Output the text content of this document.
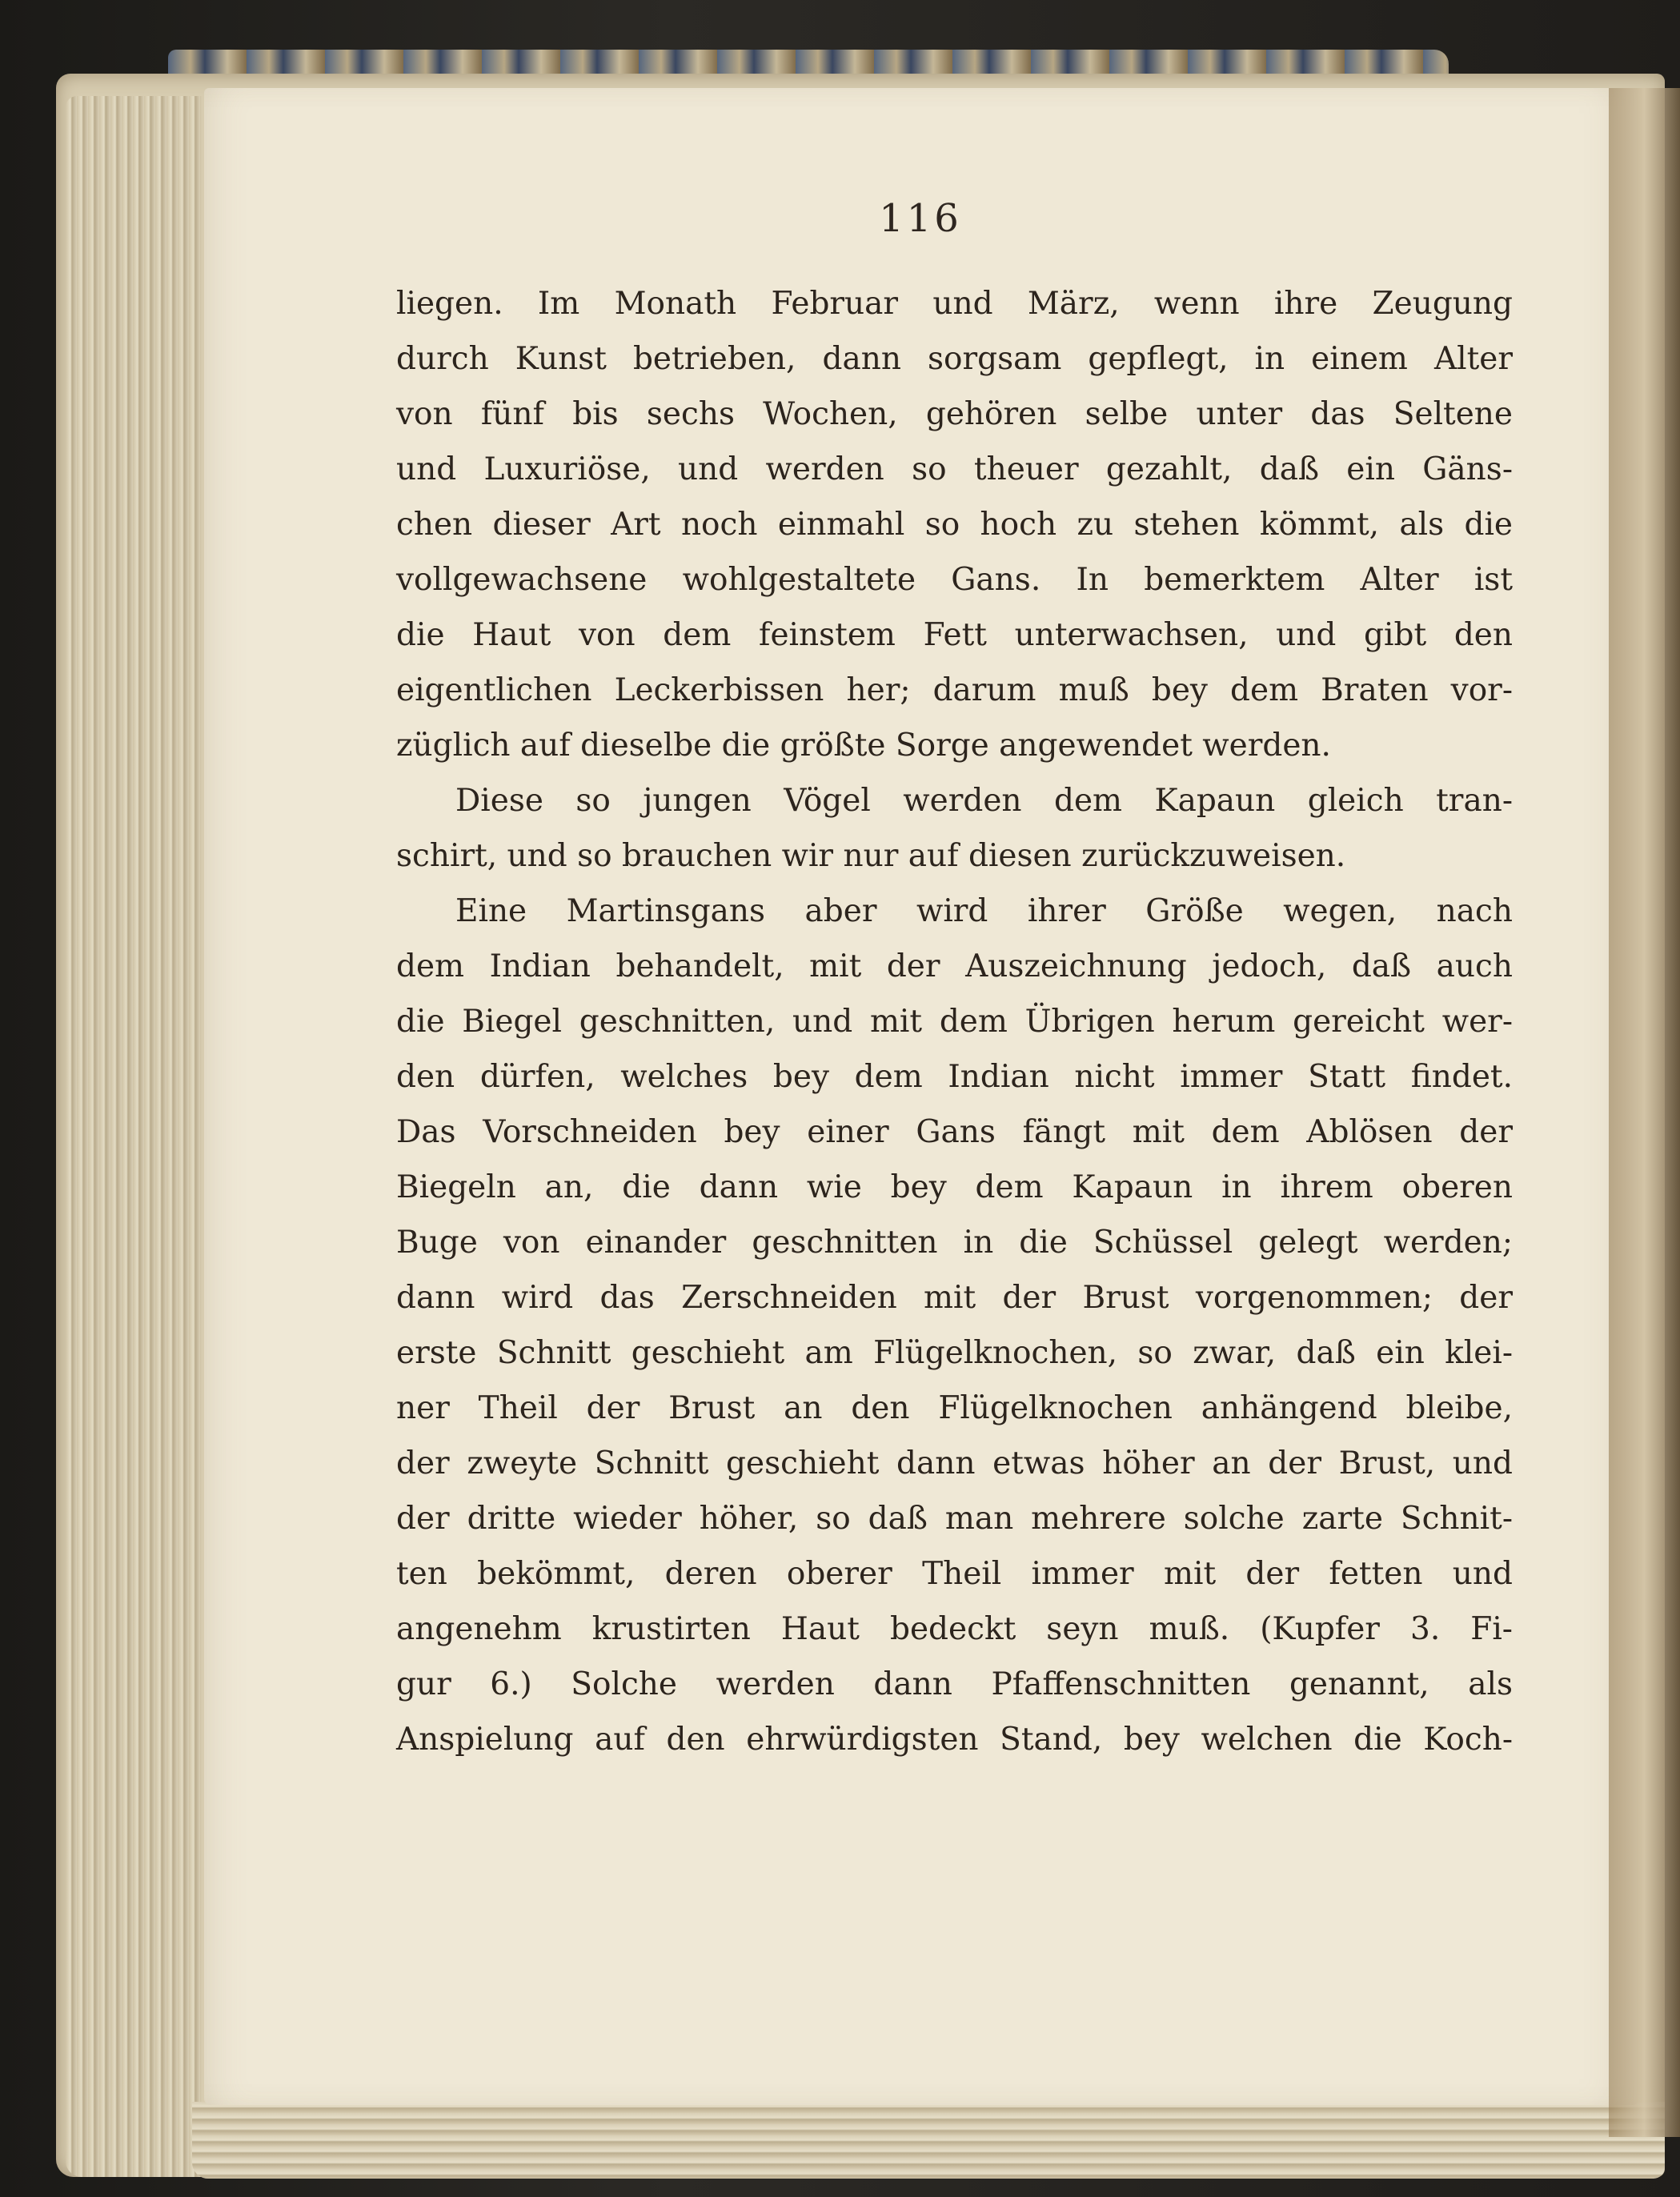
116
liegen. Im Monath Februar und März, wenn ihre Zeugung
durch Kunst betrieben, dann sorgsam gepflegt, in einem Alter
von fünf bis sechs Wochen, gehören selbe unter das Seltene
und Luxuriöse, und werden so theuer gezahlt, daß ein Gäns-
chen dieser Art noch einmahl so hoch zu stehen kömmt, als die
vollgewachsene wohlgestaltete Gans. In bemerktem Alter ist
die Haut von dem feinstem Fett unterwachsen, und gibt den
eigentlichen Leckerbissen her; darum muß bey dem Braten vor-
züglich auf dieselbe die größte Sorge angewendet werden.
Diese so jungen Vögel werden dem Kapaun gleich tran-
schirt, und so brauchen wir nur auf diesen zurückzuweisen.
Eine Martinsgans aber wird ihrer Größe wegen, nach
dem Indian behandelt, mit der Auszeichnung jedoch, daß auch
die Biegel geschnitten, und mit dem Übrigen herum gereicht wer-
den dürfen, welches bey dem Indian nicht immer Statt findet.
Das Vorschneiden bey einer Gans fängt mit dem Ablösen der
Biegeln an, die dann wie bey dem Kapaun in ihrem oberen
Buge von einander geschnitten in die Schüssel gelegt werden;
dann wird das Zerschneiden mit der Brust vorgenommen; der
erste Schnitt geschieht am Flügelknochen, so zwar, daß ein klei-
ner Theil der Brust an den Flügelknochen anhängend bleibe,
der zweyte Schnitt geschieht dann etwas höher an der Brust, und
der dritte wieder höher, so daß man mehrere solche zarte Schnit-
ten bekömmt, deren oberer Theil immer mit der fetten und
angenehm krustirten Haut bedeckt seyn muß. (Kupfer 3. Fi-
gur 6.) Solche werden dann Pfaffenschnitten genannt, als
Anspielung auf den ehrwürdigsten Stand, bey welchen die Koch-
